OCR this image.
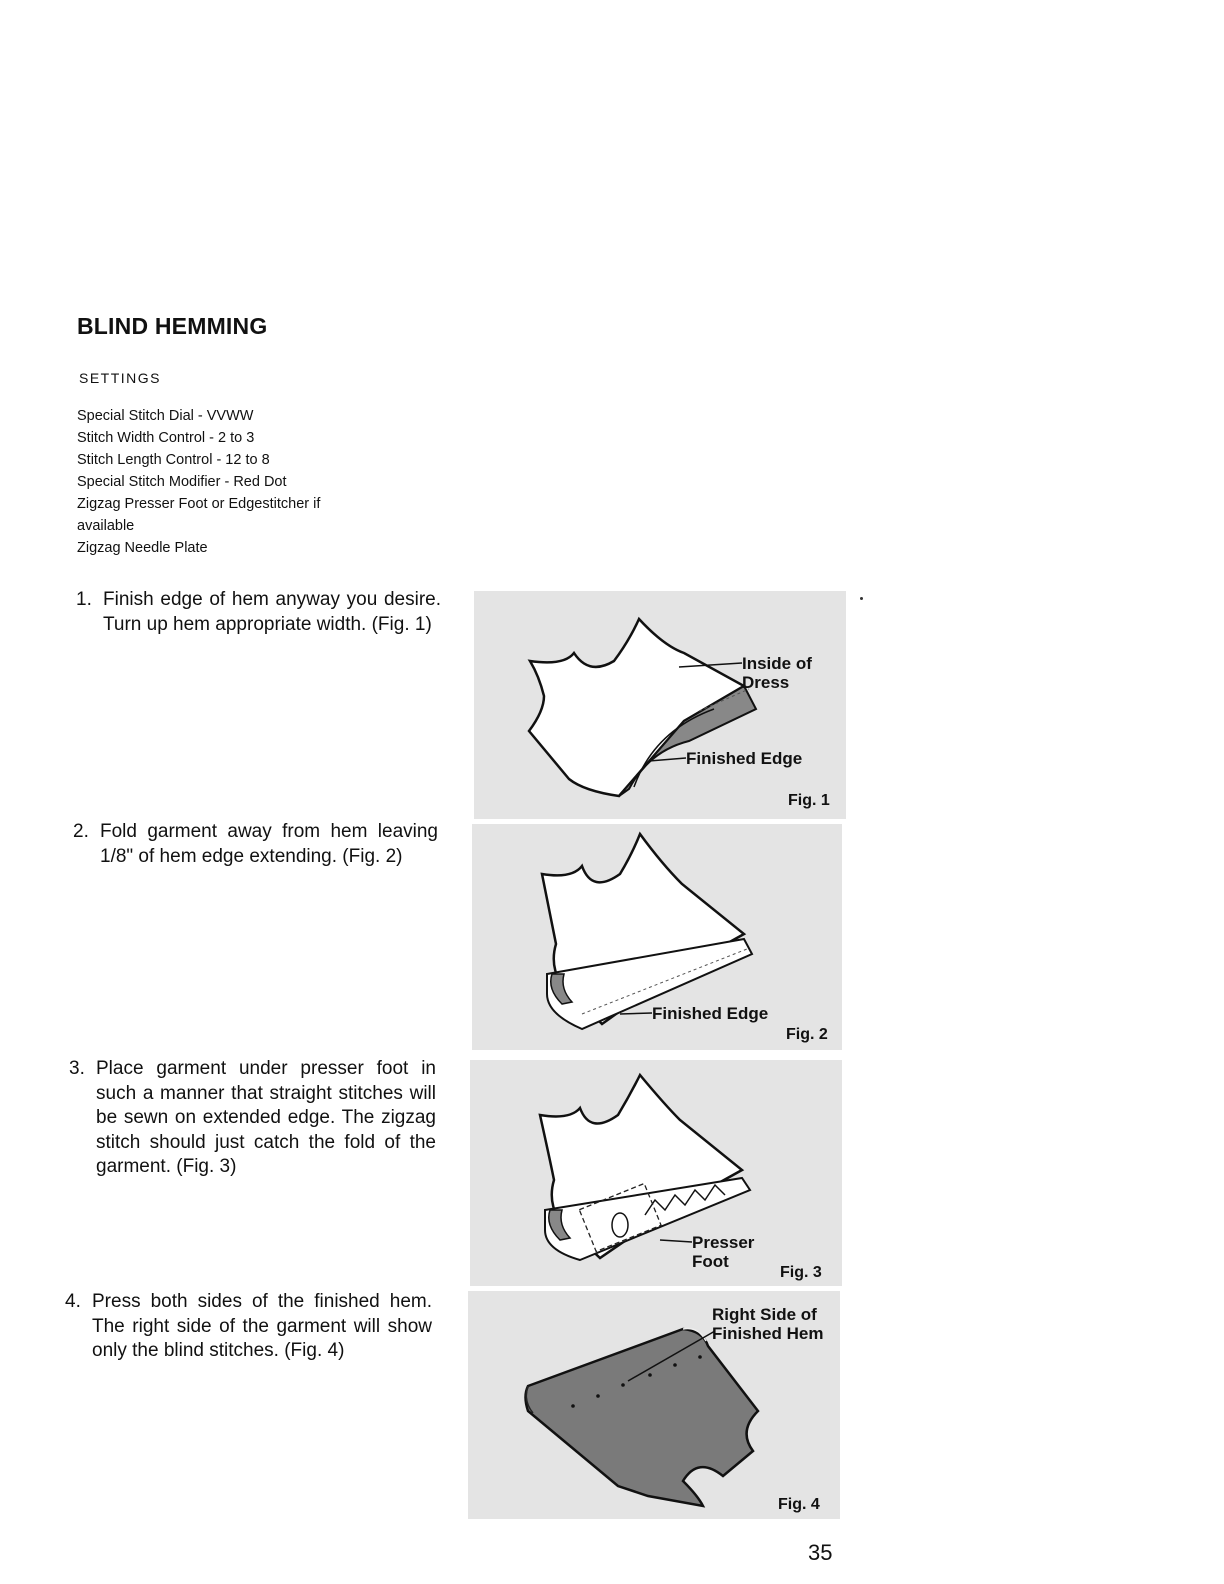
BLIND HEMMING
SETTINGS
Special Stitch Dial - VVWW
Stitch Width Control - 2 to 3
Stitch Length Control - 12 to 8
Special Stitch Modifier - Red Dot
Zigzag Presser Foot or Edgestitcher if
available
Zigzag Needle Plate
1. Finish edge of hem anyway you desire. Turn up hem appropriate width. (Fig. 1)
2. Fold garment away from hem leaving 1/8" of hem edge extending. (Fig. 2)
3. Place garment under presser foot in such a manner that straight stitches will be sewn on extended edge. The zigzag stitch should just catch the fold of the garment. (Fig. 3)
4. Press both sides of the finished hem. The right side of the garment will show only the blind stitches. (Fig. 4)
Inside of
Dress
Finished Edge
Fig. 1
Finished Edge
Fig. 2
Presser
Foot
Fig. 3
Right Side of
Finished Hem
Fig. 4
35
